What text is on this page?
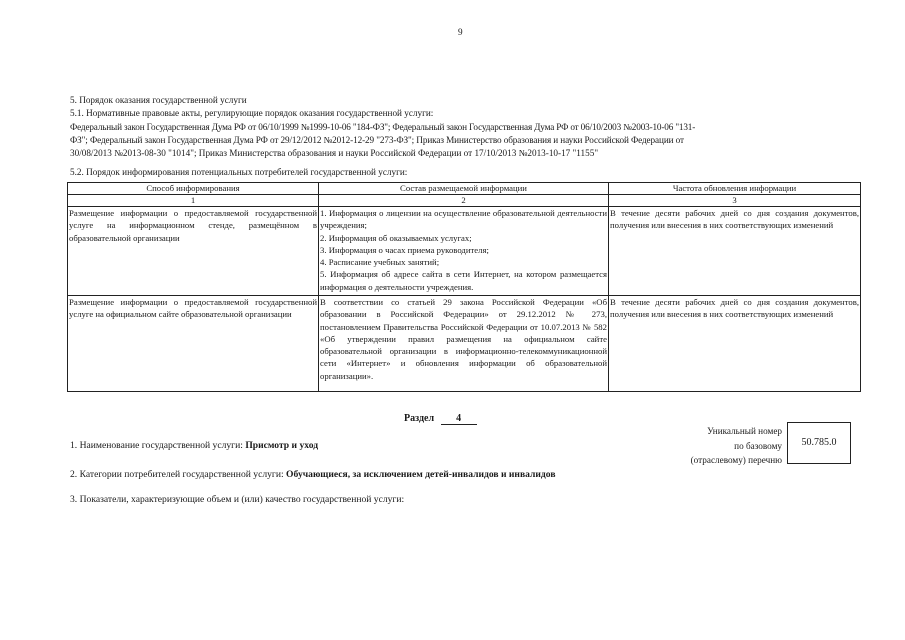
9
5. Порядок оказания государственной услуги
5.1. Нормативные правовые акты, регулирующие порядок оказания государственной услуги:
Федеральный закон Государственная Дума РФ от 06/10/1999 №1999-10-06 "184-ФЗ"; Федеральный закон Государственная Дума РФ от 06/10/2003 №2003-10-06 "131-
ФЗ"; Федеральный закон Государственная Дума РФ от 29/12/2012 №2012-12-29 "273-ФЗ"; Приказ Министерство образования и науки Российской Федерации от
30/08/2013 №2013-08-30 "1014"; Приказ Министерства образования и науки Российской Федерации от 17/10/2013 №2013-10-17 "1155"
5.2. Порядок информирования потенциальных потребителей государственной услуги:
Способ информирования	Состав размещаемой информации	Частота обновления информации
1	2	3
Размещение информации о предоставляемой государственной услуге на информационном стенде, размещённом в образовательной организации	1. Информация о лицензии на осуществление образовательной деятельности учреждения;
2. Информация об оказываемых услугах;
3. Информация о часах приема руководителя;
4. Расписание учебных занятий;
5. Информация об адресе сайта в сети Интернет, на котором размещается информация о деятельности учреждения.	В течение десяти рабочих дней со дня создания документов, получения или внесения в них соответствующих изменений
Размещение информации о предоставляемой государственной услуге на официальном сайте образовательной организации	В соответствии со статьей 29 закона Российской Федерации «Об образовании в Российской Федерации» от 29.12.2012 № 273, постановлением Правительства Российской Федерации от 10.07.2013 № 582 «Об утверждении правил размещения на официальном сайте образовательной организации в информационно-телекоммуникационной сети «Интернет» и обновления информации об образовательной организации».	В течение десяти рабочих дней со дня создания документов, получения или внесения в них соответствующих изменений
Раздел 4
Уникальный номер
по базовому
(отраслевому) перечню
50.785.0
1. Наименование государственной услуги: Присмотр и уход
2. Категории потребителей государственной услуги: Обучающиеся, за исключением детей-инвалидов и инвалидов
3. Показатели, характеризующие объем и (или) качество государственной услуги:
